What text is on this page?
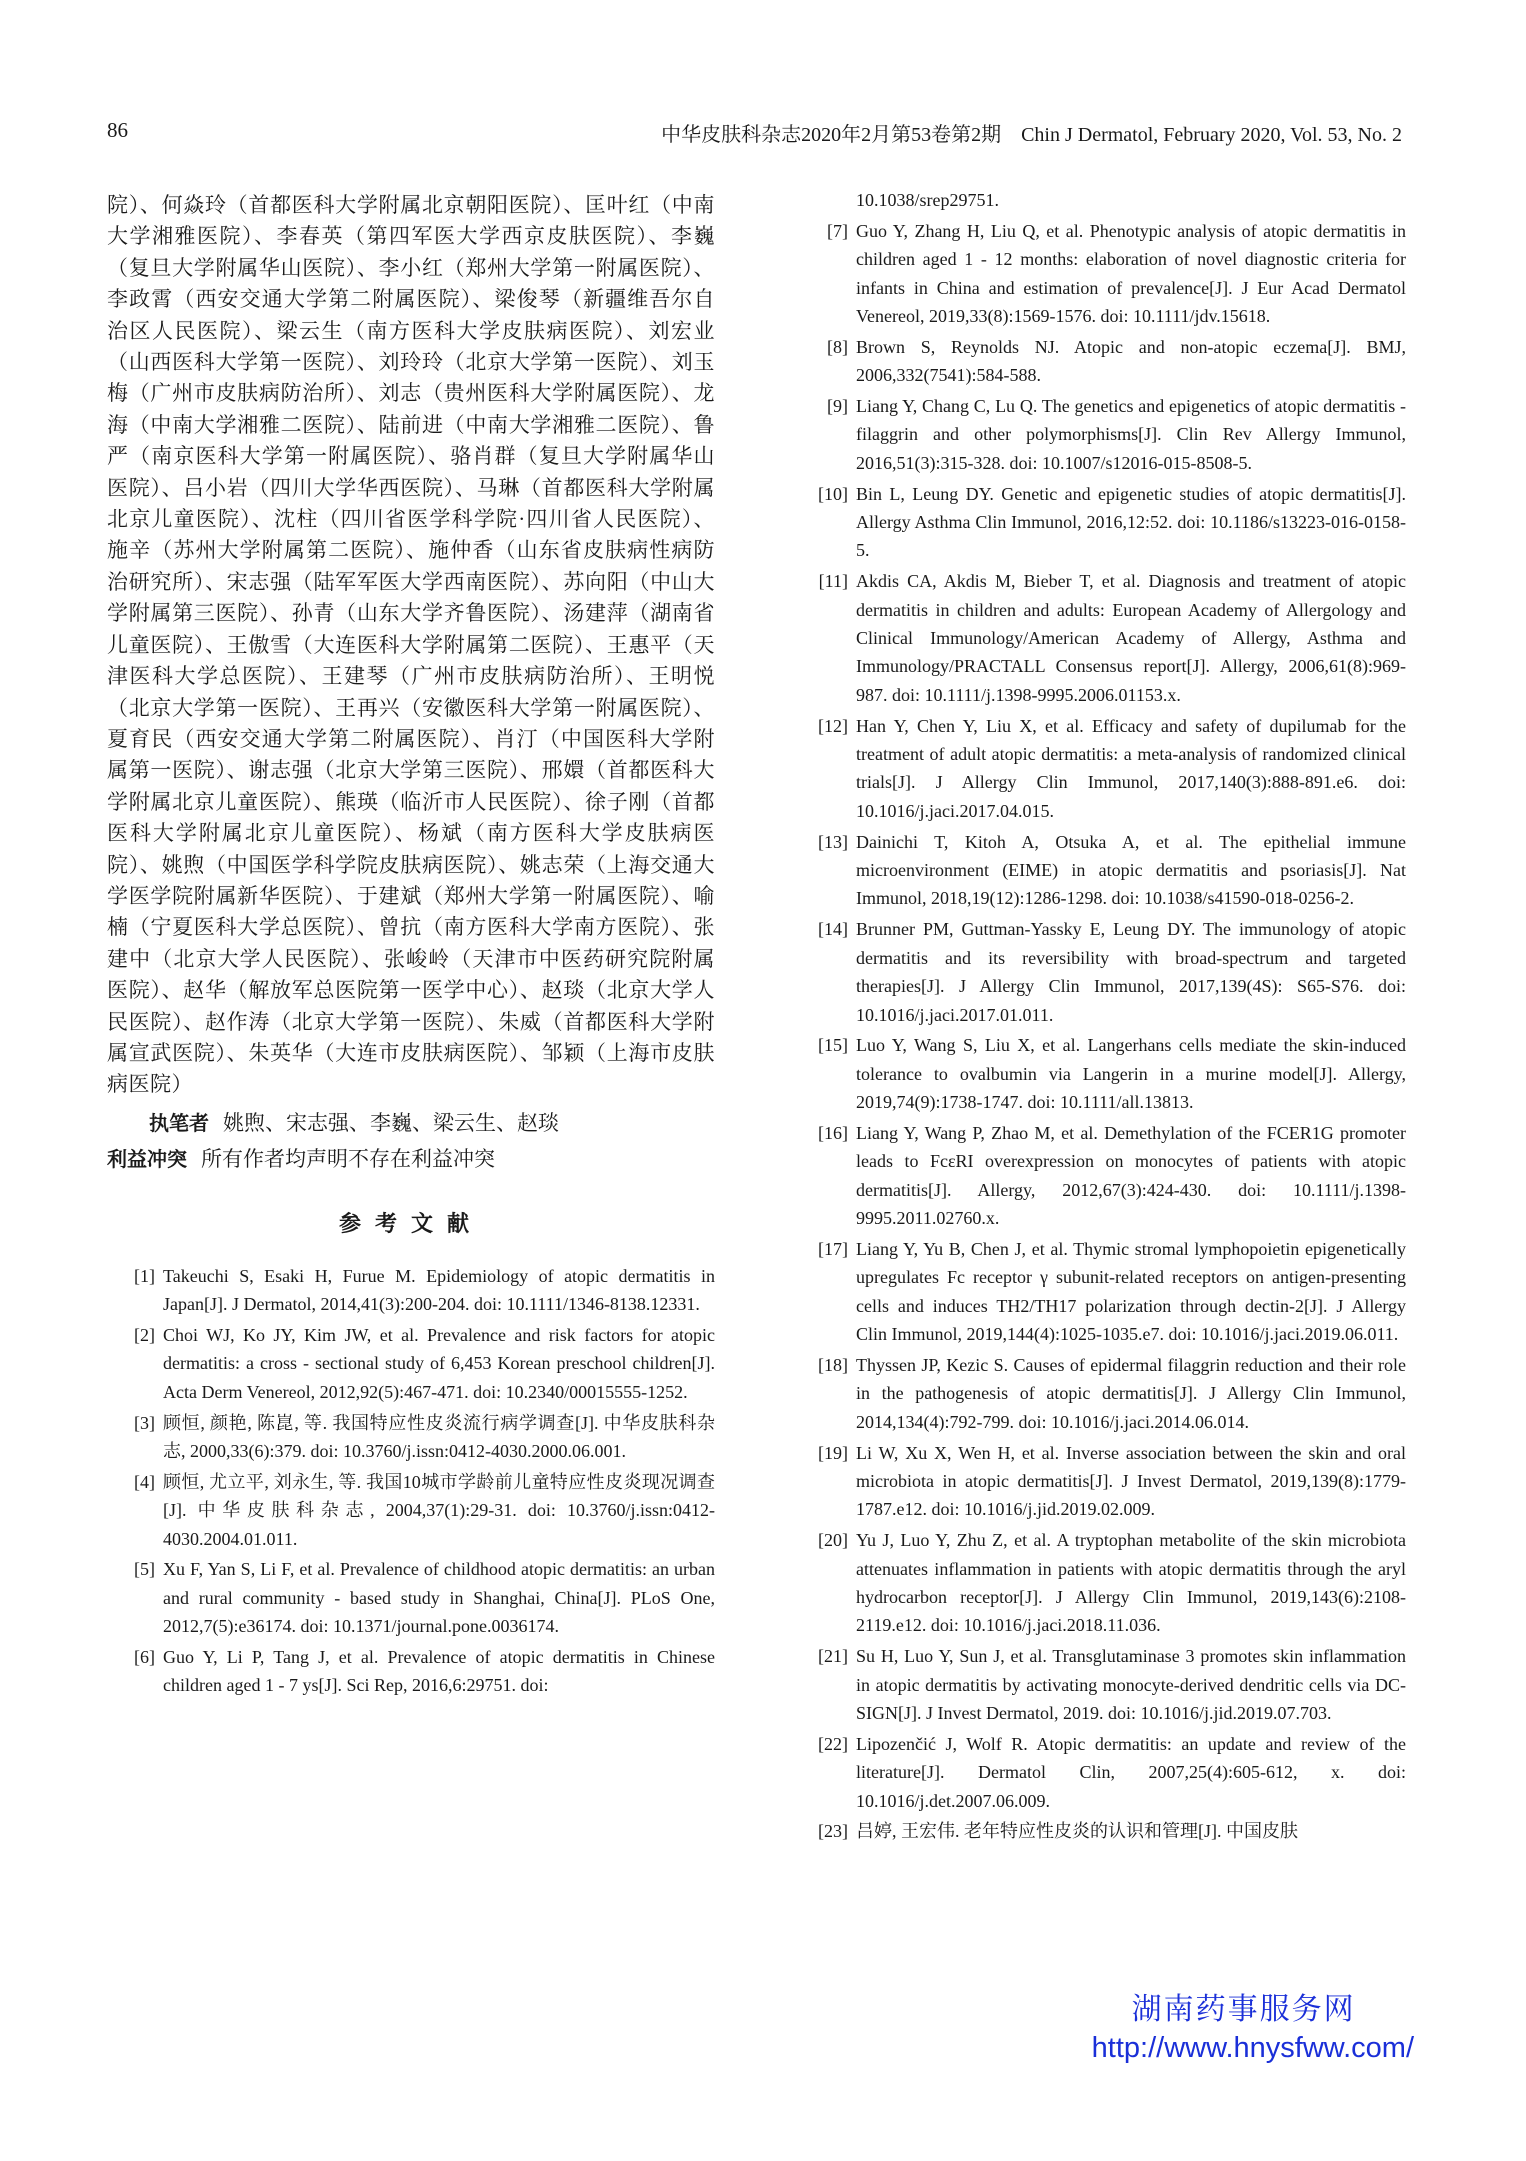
86	中华皮肤科杂志2020年2月第53卷第2期　Chin J Dermatol, February 2020, Vol. 53, No. 2

院）、何焱玲（首都医科大学附属北京朝阳医院）、匡叶红（中南大学湘雅医院）、李春英（第四军医大学西京皮肤医院）、李巍（复旦大学附属华山医院）、李小红（郑州大学第一附属医院）、李政霄（西安交通大学第二附属医院）、梁俊琴（新疆维吾尔自治区人民医院）、梁云生（南方医科大学皮肤病医院）、刘宏业（山西医科大学第一医院）、刘玲玲（北京大学第一医院）、刘玉梅（广州市皮肤病防治所）、刘志（贵州医科大学附属医院）、龙海（中南大学湘雅二医院）、陆前进（中南大学湘雅二医院）、鲁严（南京医科大学第一附属医院）、骆肖群（复旦大学附属华山医院）、吕小岩（四川大学华西医院）、马琳（首都医科大学附属北京儿童医院）、沈柱（四川省医学科学院·四川省人民医院）、施辛（苏州大学附属第二医院）、施仲香（山东省皮肤病性病防治研究所）、宋志强（陆军军医大学西南医院）、苏向阳（中山大学附属第三医院）、孙青（山东大学齐鲁医院）、汤建萍（湖南省儿童医院）、王傲雪（大连医科大学附属第二医院）、王惠平（天津医科大学总医院）、王建琴（广州市皮肤病防治所）、王明悦（北京大学第一医院）、王再兴（安徽医科大学第一附属医院）、夏育民（西安交通大学第二附属医院）、肖汀（中国医科大学附属第一医院）、谢志强（北京大学第三医院）、邢嬛（首都医科大学附属北京儿童医院）、熊瑛（临沂市人民医院）、徐子刚（首都医科大学附属北京儿童医院）、杨斌（南方医科大学皮肤病医院）、姚煦（中国医学科学院皮肤病医院）、姚志荣（上海交通大学医学院附属新华医院）、于建斌（郑州大学第一附属医院）、喻楠（宁夏医科大学总医院）、曾抗（南方医科大学南方医院）、张建中（北京大学人民医院）、张峻岭（天津市中医药研究院附属医院）、赵华（解放军总医院第一医学中心）、赵琰（北京大学人民医院）、赵作涛（北京大学第一医院）、朱威（首都医科大学附属宣武医院）、朱英华（大连市皮肤病医院）、邹颖（上海市皮肤病医院）

执笔者 姚煦、宋志强、李巍、梁云生、赵琰
利益冲突 所有作者均声明不存在利益冲突
参考文献
[1] Takeuchi S, Esaki H, Furue M. Epidemiology of atopic dermatitis in Japan[J]. J Dermatol, 2014,41(3):200-204. doi: 10.1111/1346-8138.12331.
[2] Choi WJ, Ko JY, Kim JW, et al. Prevalence and risk factors for atopic dermatitis: a cross - sectional study of 6,453 Korean preschool children[J]. Acta Derm Venereol, 2012,92(5):467-471. doi: 10.2340/00015555-1252.
[3] 顾恒, 颜艳, 陈崑, 等. 我国特应性皮炎流行病学调查[J]. 中华皮肤科杂志, 2000,33(6):379. doi: 10.3760/j.issn:0412-4030.2000.06.001.
[4] 顾恒, 尤立平, 刘永生, 等. 我国10城市学龄前儿童特应性皮炎现况调查[J]. 中华皮肤科杂志, 2004,37(1):29-31. doi: 10.3760/j.issn:0412-4030.2004.01.011.
[5] Xu F, Yan S, Li F, et al. Prevalence of childhood atopic dermatitis: an urban and rural community - based study in Shanghai, China[J]. PLoS One, 2012,7(5):e36174. doi: 10.1371/journal.pone.0036174.
[6] Guo Y, Li P, Tang J, et al. Prevalence of atopic dermatitis in Chinese children aged 1 - 7 ys[J]. Sci Rep, 2016,6:29751. doi:
10.1038/srep29751.
[7] Guo Y, Zhang H, Liu Q, et al. Phenotypic analysis of atopic dermatitis in children aged 1 - 12 months: elaboration of novel diagnostic criteria for infants in China and estimation of prevalence[J]. J Eur Acad Dermatol Venereol, 2019,33(8):1569-1576. doi: 10.1111/jdv.15618.
[8] Brown S, Reynolds NJ. Atopic and non-atopic eczema[J]. BMJ, 2006,332(7541):584-588.
[9] Liang Y, Chang C, Lu Q. The genetics and epigenetics of atopic dermatitis - filaggrin and other polymorphisms[J]. Clin Rev Allergy Immunol, 2016,51(3):315-328. doi: 10.1007/s12016-015-8508-5.
[10] Bin L, Leung DY. Genetic and epigenetic studies of atopic dermatitis[J]. Allergy Asthma Clin Immunol, 2016,12:52. doi: 10.1186/s13223-016-0158-5.
[11] Akdis CA, Akdis M, Bieber T, et al. Diagnosis and treatment of atopic dermatitis in children and adults: European Academy of Allergology and Clinical Immunology/American Academy of Allergy, Asthma and Immunology/PRACTALL Consensus report[J]. Allergy, 2006,61(8):969-987. doi: 10.1111/j.1398-9995.2006.01153.x.
[12] Han Y, Chen Y, Liu X, et al. Efficacy and safety of dupilumab for the treatment of adult atopic dermatitis: a meta-analysis of randomized clinical trials[J]. J Allergy Clin Immunol, 2017,140(3):888-891.e6. doi: 10.1016/j.jaci.2017.04.015.
[13] Dainichi T, Kitoh A, Otsuka A, et al. The epithelial immune microenvironment (EIME) in atopic dermatitis and psoriasis[J]. Nat Immunol, 2018,19(12):1286-1298. doi: 10.1038/s41590-018-0256-2.
[14] Brunner PM, Guttman-Yassky E, Leung DY. The immunology of atopic dermatitis and its reversibility with broad-spectrum and targeted therapies[J]. J Allergy Clin Immunol, 2017,139(4S): S65-S76. doi: 10.1016/j.jaci.2017.01.011.
[15] Luo Y, Wang S, Liu X, et al. Langerhans cells mediate the skin-induced tolerance to ovalbumin via Langerin in a murine model[J]. Allergy, 2019,74(9):1738-1747. doi: 10.1111/all.13813.
[16] Liang Y, Wang P, Zhao M, et al. Demethylation of the FCER1G promoter leads to FcεRI overexpression on monocytes of patients with atopic dermatitis[J]. Allergy, 2012,67(3):424-430. doi: 10.1111/j.1398-9995.2011.02760.x.
[17] Liang Y, Yu B, Chen J, et al. Thymic stromal lymphopoietin epigenetically upregulates Fc receptor γ subunit-related receptors on antigen-presenting cells and induces TH2/TH17 polarization through dectin-2[J]. J Allergy Clin Immunol, 2019,144(4):1025-1035.e7. doi: 10.1016/j.jaci.2019.06.011.
[18] Thyssen JP, Kezic S. Causes of epidermal filaggrin reduction and their role in the pathogenesis of atopic dermatitis[J]. J Allergy Clin Immunol, 2014,134(4):792-799. doi: 10.1016/j.jaci.2014.06.014.
[19] Li W, Xu X, Wen H, et al. Inverse association between the skin and oral microbiota in atopic dermatitis[J]. J Invest Dermatol, 2019,139(8):1779-1787.e12. doi: 10.1016/j.jid.2019.02.009.
[20] Yu J, Luo Y, Zhu Z, et al. A tryptophan metabolite of the skin microbiota attenuates inflammation in patients with atopic dermatitis through the aryl hydrocarbon receptor[J]. J Allergy Clin Immunol, 2019,143(6):2108-2119.e12. doi: 10.1016/j.jaci.2018.11.036.
[21] Su H, Luo Y, Sun J, et al. Transglutaminase 3 promotes skin inflammation in atopic dermatitis by activating monocyte-derived dendritic cells via DC-SIGN[J]. J Invest Dermatol, 2019. doi: 10.1016/j.jid.2019.07.703.
[22] Lipozenčić J, Wolf R. Atopic dermatitis: an update and review of the literature[J]. Dermatol Clin, 2007,25(4):605-612, x. doi: 10.1016/j.det.2007.06.009.
[23] 吕婷, 王宏伟. 老年特应性皮炎的认识和管理[J]. 中国皮肤
湖南药事服务网
http://www.hnysfww.com/
